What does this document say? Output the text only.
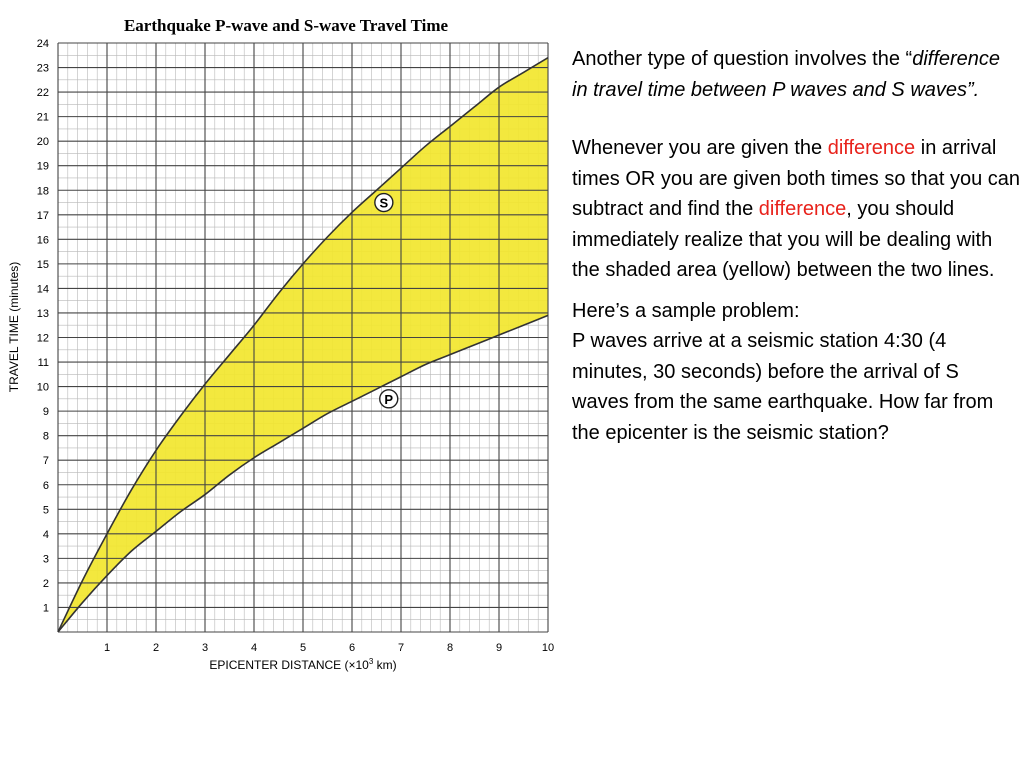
Earthquake P-wave and S-wave Travel Time
1	2	3	4	5	6	7	8	9	10
1
2
3
4
5
6
7
8
9
10
11
12
13
14
15
16
17
18
19
20
21
22
23
24
S
P
EPICENTER DISTANCE ($\times 10^3$ km)
TRAVEL TIME (minutes)

Another type of question involves the “difference in travel time between P waves and S waves”.

Whenever you are given the difference in arrival times OR you are given both times so that you can subtract and find the difference, you should immediately realize that you will be dealing with the shaded area (yellow) between the two lines.

Here’s a sample problem:

P waves arrive at a seismic station 4:30 (4 minutes, 30 seconds) before the arrival of S waves from the same earthquake. How far from the epicenter is the seismic station?
